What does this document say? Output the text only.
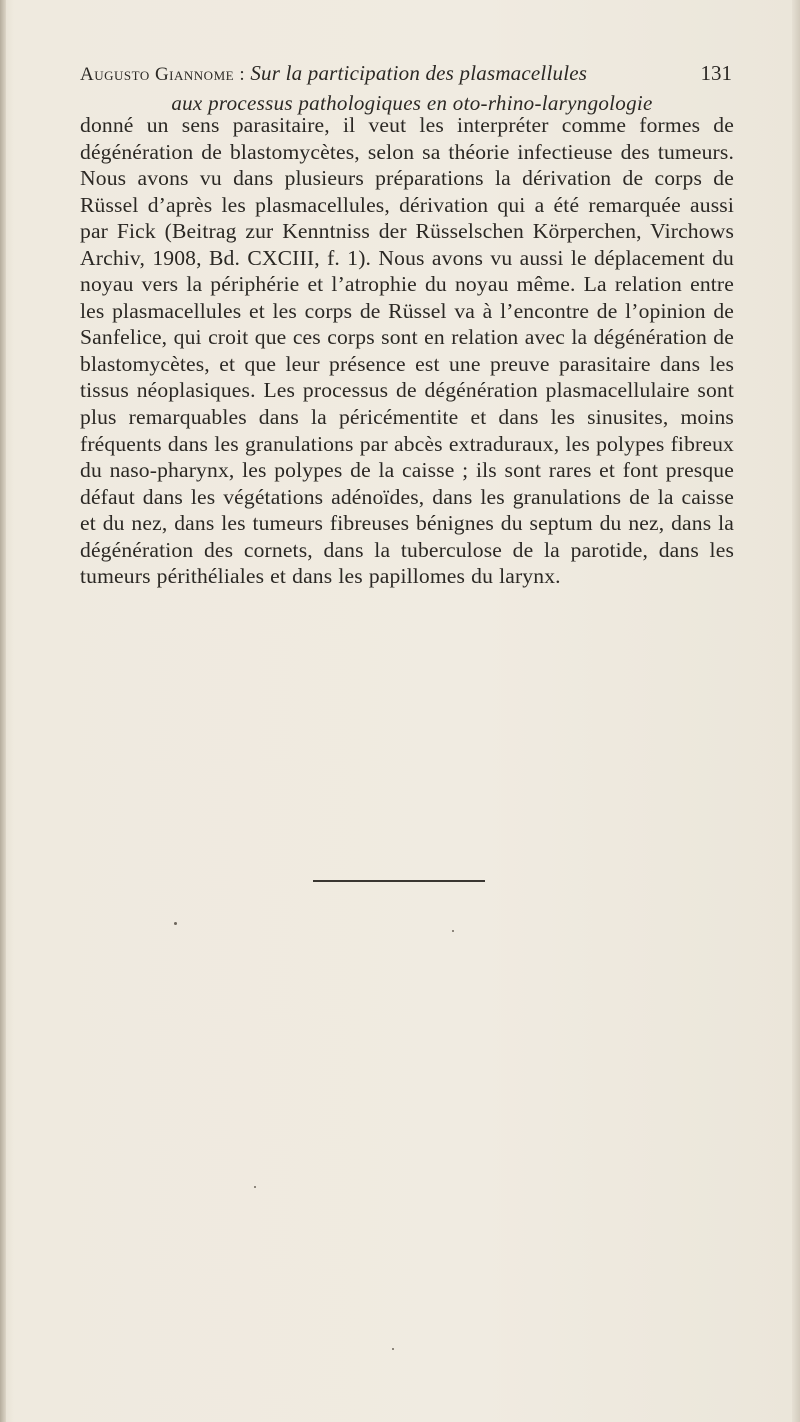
Augusto Giannome : Sur la participation des plasmacellules	131
aux processus pathologiques en oto-rhino-laryngologie

donné un sens parasitaire, il veut les interpréter comme formes de dégénération de blastomycètes, selon sa théorie infectieuse des tumeurs. Nous avons vu dans plusieurs préparations la dérivation de corps de Rüssel d’après les plasmacellules, dérivation qui a été remarquée aussi par Fick (Beitrag zur Kenntniss der Rüsselschen Körperchen, Virchows Archiv, 1908, Bd. CXCIII, f. 1). Nous avons vu aussi le déplacement du noyau vers la périphérie et l’atrophie du noyau même. La relation entre les plasmacellules et les corps de Rüssel va à l’encontre de l’opinion de Sanfelice, qui croit que ces corps sont en relation avec la dégénération de blastomycètes, et que leur présence est une preuve parasitaire dans les tissus néoplasiques. Les processus de dégénération plasmacellulaire sont plus remarquables dans la péricémentite et dans les sinusites, moins fréquents dans les granulations par abcès extraduraux, les polypes fibreux du naso-pharynx, les polypes de la caisse ; ils sont rares et font presque défaut dans les végétations adénoïdes, dans les granulations de la caisse et du nez, dans les tumeurs fibreuses bénignes du septum du nez, dans la dégénération des cornets, dans la tuberculose de la parotide, dans les tumeurs périthéliales et dans les papillomes du larynx.
